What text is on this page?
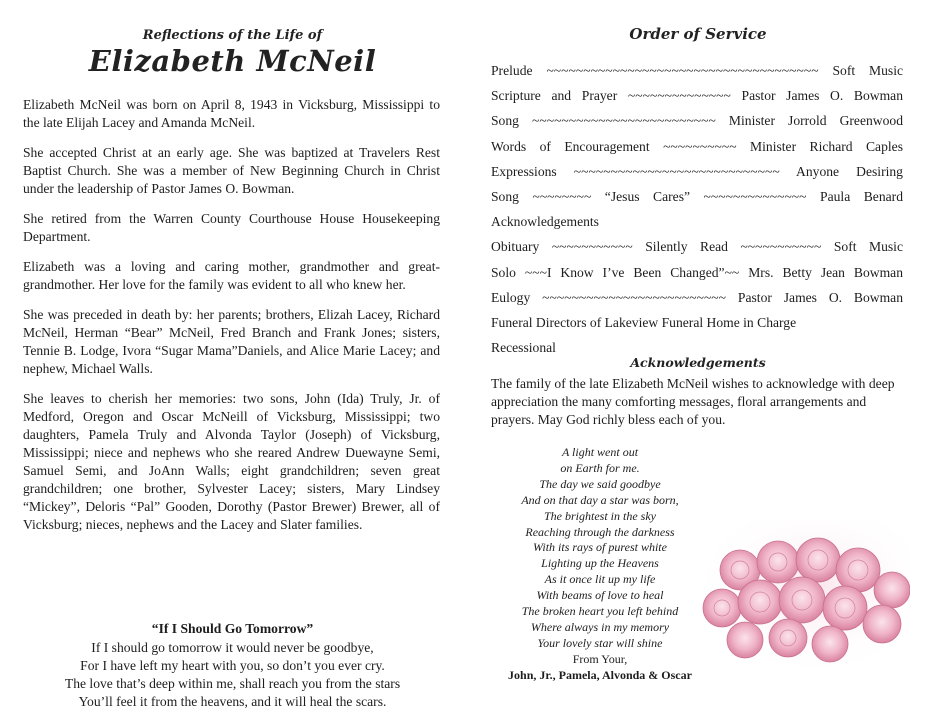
Reflections of the Life of
Elizabeth McNeil

Elizabeth McNeil was born on April 8, 1943 in Vicksburg, Mississippi to the late Elijah Lacey and Amanda McNeil.

She accepted Christ at an early age. She was baptized at Travelers Rest Baptist Church. She was a member of New Beginning Church in Christ under the leadership of Pastor James O. Bowman.

She retired from the Warren County Courthouse House Housekeeping Department.

Elizabeth was a loving and caring mother, grandmother and great-grandmother. Her love for the family was evident to all who knew her.

She was preceded in death by: her parents; brothers, Elizah Lacey, Richard McNeil, Herman “Bear” McNeil, Fred Branch and Frank Jones; sisters, Tennie B. Lodge, Ivora “Sugar Mama”Daniels, and Alice Marie Lacey; and nephew, Michael Walls.

She leaves to cherish her memories: two sons, John (Ida) Truly, Jr. of Medford, Oregon and Oscar McNeill of Vicksburg, Mississippi; two daughters, Pamela Truly and Alvonda Taylor (Joseph) of Vicksburg, Mississippi; niece and nephews who she reared Andrew Duewayne Semi, Samuel Semi, and JoAnn Walls; eight grandchildren; seven great grandchildren; one brother, Sylvester Lacey; sisters, Mary Lindsey “Mickey”, Deloris “Pal” Gooden, Dorothy (Pastor Brewer) Brewer, all of Vicksburg; nieces, nephews and the Lacey and Slater families.

“If I Should Go Tomorrow”
If I should go tomorrow it would never be goodbye,
For I have left my heart with you, so don’t you ever cry.
The love that’s deep within me, shall reach you from the stars
You’ll feel it from the heavens, and it will heal the scars.
Order of Service
Prelude ~~~~~~~~~~~~~~~~~~~~~~~~~~~~~~~~~~~~~ Soft Music
Scripture and Prayer ~~~~~~~~~~~~~~ Pastor James O. Bowman
Song ~~~~~~~~~~~~~~~~~~~~~~~~~ Minister Jorrold Greenwood
Words of Encouragement ~~~~~~~~~~ Minister Richard Caples
Expressions ~~~~~~~~~~~~~~~~~~~~~~~~~~~~ Anyone Desiring
Song ~~~~~~~~ “Jesus Cares” ~~~~~~~~~~~~~~ Paula Benard
Acknowledgements
Obituary ~~~~~~~~~~~ Silently Read ~~~~~~~~~~~ Soft Music
Solo ~~~I Know I’ve Been Changed”~~ Mrs. Betty Jean Bowman
Eulogy ~~~~~~~~~~~~~~~~~~~~~~~~~ Pastor James O. Bowman
Funeral Directors of Lakeview Funeral Home in Charge
Recessional
Acknowledgements
The family of the late Elizabeth McNeil wishes to acknowledge with deep appreciation the many comforting messages, floral arrangements and prayers. May God richly bless each of you.
A light went out
on Earth for me.
The day we said goodbye
And on that day a star was born,
The brightest in the sky
Reaching through the darkness
With its rays of purest white
Lighting up the Heavens
As it once lit up my life
With beams of love to heal
The broken heart you left behind
Where always in my memory
Your lovely star will shine
From Your,
John, Jr., Pamela, Alvonda & Oscar
